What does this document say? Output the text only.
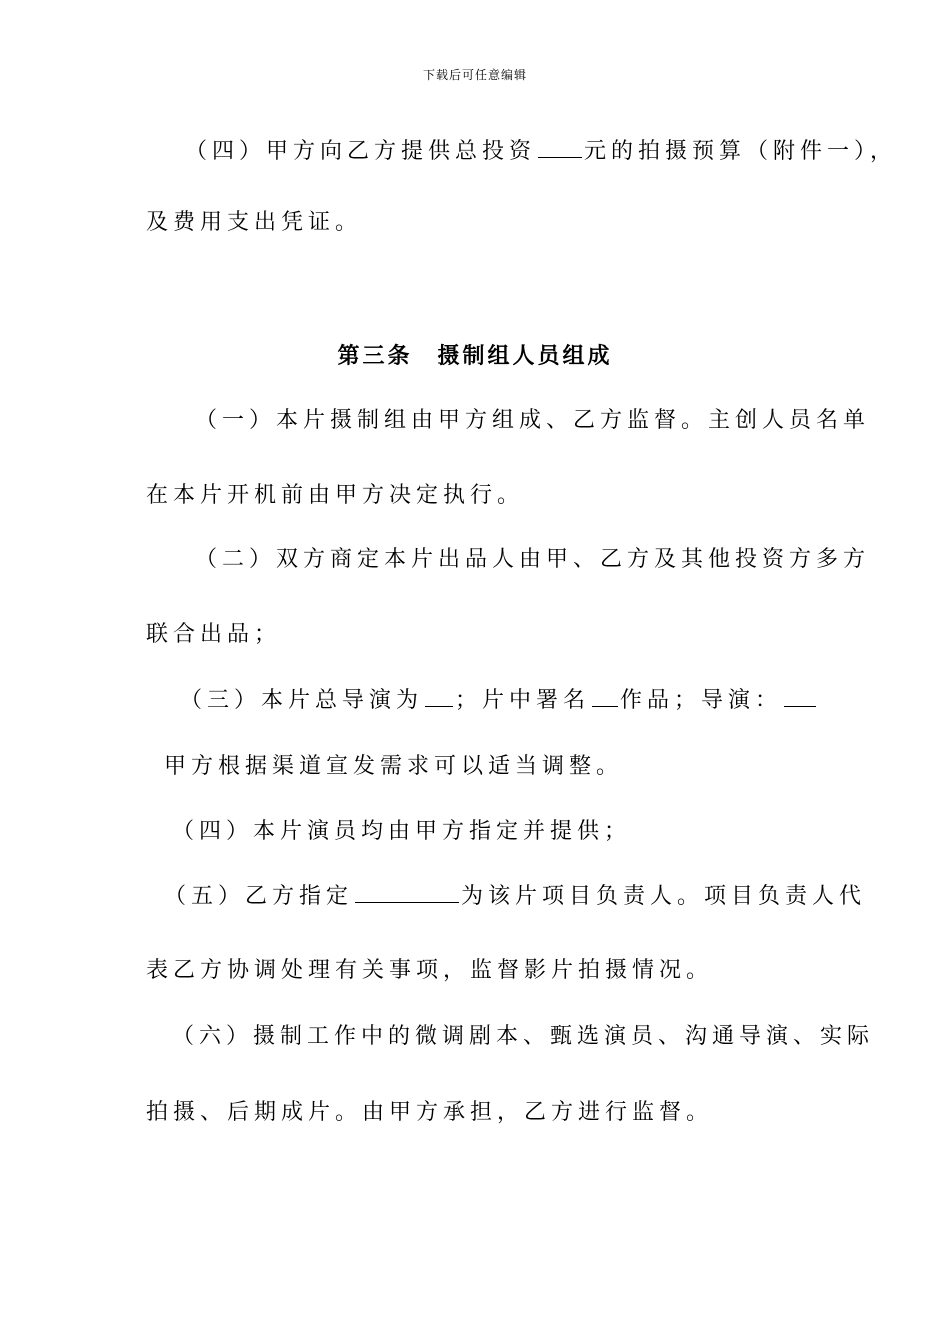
下载后可任意编辑
（四）甲方向乙方提供总投资 元的拍摄预算（附件一），
及费用支出凭证。
第三条　摄制组人员组成
（一）本片摄制组由甲方组成、乙方监督。主创人员名单
在本片开机前由甲方决定执行。
（二）双方商定本片出品人由甲、乙方及其他投资方多方
联合出品；
（三）本片总导演为 ；片中署名 作品；导演：
甲方根据渠道宣发需求可以适当调整。
（四）本片演员均由甲方指定并提供；
（五）乙方指定	为该片项目负责人。项目负责人代
表乙方协调处理有关事项，监督影片拍摄情况。
（六）摄制工作中的微调剧本、甄选演员、沟通导演、实际
拍摄、后期成片。由甲方承担，乙方进行监督。
